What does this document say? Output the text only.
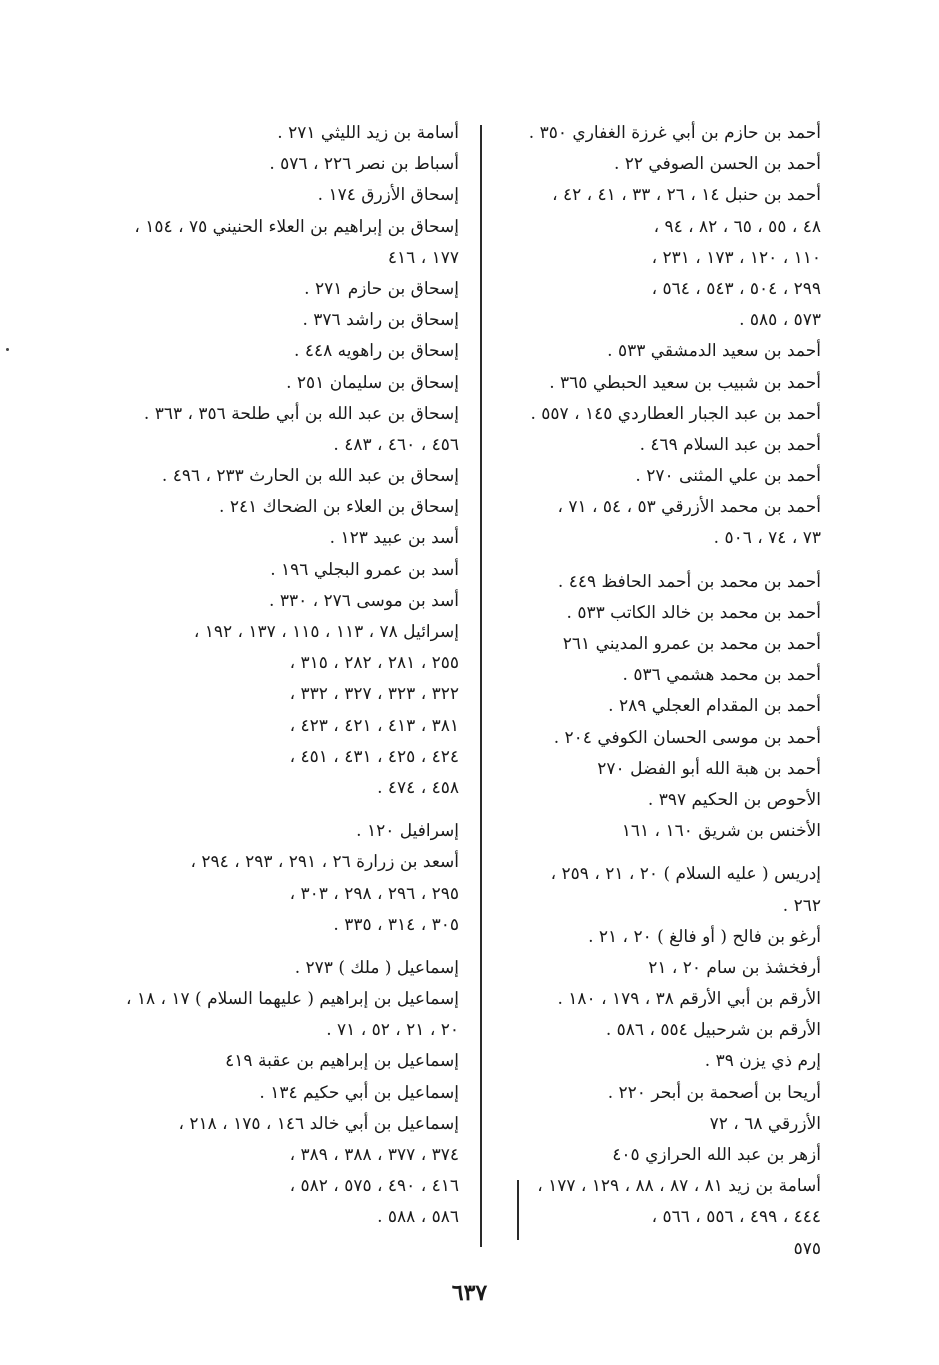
أحمد بن حازم بن أبي غرزة الغفاري ٣٥٠ .
أحمد بن الحسن الصوفي ٢٢ .
أحمد بن حنبل ١٤ ، ٢٦ ، ٣٣ ، ٤١ ، ٤٢ ،
٤٨ ، ٥٥ ، ٦٥ ، ٨٢ ، ٩٤ ،
١١٠ ، ١٢٠ ، ١٧٣ ، ٢٣١ ،
٢٩٩ ، ٥٠٤ ، ٥٤٣ ، ٥٦٤ ،
٥٧٣ ، ٥٨٥ .
أحمد بن سعيد الدمشقي ٥٣٣ .
أحمد بن شبيب بن سعيد الحبطي ٣٦٥ .
أحمد بن عبد الجبار العطاردي ١٤٥ ، ٥٥٧ .
أحمد بن عبد السلام ٤٦٩ .
أحمد بن علي المثنى ٢٧٠ .
أحمد بن محمد الأزرقي ٥٣ ، ٥٤ ، ٧١ ،
٧٣ ، ٧٤ ، ٥٠٦ .
أحمد بن محمد بن أحمد الحافظ ٤٤٩ .
أحمد بن محمد بن خالد الكاتب ٥٣٣ .
أحمد بن محمد بن عمرو المديني ٢٦١
أحمد بن محمد هشمي ٥٣٦ .
أحمد بن المقدام العجلي ٢٨٩ .
أحمد بن موسى الحسان الكوفي ٢٠٤ .
أحمد بن هبة الله أبو الفضل ٢٧٠
الأحوص بن الحكيم ٣٩٧ .
الأخنس بن شريق ١٦٠ ، ١٦١
إدريس ( عليه السلام ) ٢٠ ، ٢١ ، ٢٥٩ ،
٢٦٢ .
أرغو بن فالح ( أو فالغ ) ٢٠ ، ٢١ .
أرفخشذ بن سام ٢٠ ، ٢١
الأرقم بن أبي الأرقم ٣٨ ، ١٧٩ ، ١٨٠ .
الأرقم بن شرحبيل ٥٥٤ ، ٥٨٦ .
إرم ذي يزن ٣٩ .
أريحا بن أصحمة بن أبحر ٢٢٠ .
الأزرقي ٦٨ ، ٧٢
أزهر بن عبد الله الحرازي ٤٠٥
أسامة بن زيد ٨١ ، ٨٧ ، ٨٨ ، ١٢٩ ، ١٧٧ ،
٤٤٤ ، ٤٩٩ ، ٥٥٦ ، ٥٦٦ ،
٥٧٥
أسامة بن زيد الليثي ٢٧١ .
أسباط بن نصر ٢٢٦ ، ٥٧٦ .
إسحاق الأزرق ١٧٤ .
إسحاق بن إبراهيم بن العلاء الحنيني ٧٥ ، ١٥٤ ،
١٧٧ ، ٤١٦
إسحاق بن حازم ٢٧١ .
إسحاق بن راشد ٣٧٦ .
إسحاق بن راهويه ٤٤٨ .
إسحاق بن سليمان ٢٥١ .
إسحاق بن عبد الله بن أبي طلحة ٣٥٦ ، ٣٦٣ .
٤٥٦ ، ٤٦٠ ، ٤٨٣ .
إسحاق بن عبد الله بن الحارث ٢٣٣ ، ٤٩٦ .
إسحاق بن العلاء بن الضحاك ٢٤١ .
أسد بن عبيد ١٢٣ .
أسد بن عمرو البجلي ١٩٦ .
أسد بن موسى ٢٧٦ ، ٣٣٠ .
إسرائيل ٧٨ ، ١١٣ ، ١١٥ ، ١٣٧ ، ١٩٢ ،
٢٥٥ ، ٢٨١ ، ٢٨٢ ، ٣١٥ ،
٣٢٢ ، ٣٢٣ ، ٣٢٧ ، ٣٣٢ ،
٣٨١ ، ٤١٣ ، ٤٢١ ، ٤٢٣ ،
٤٢٤ ، ٤٢٥ ، ٤٣١ ، ٤٥١ ،
٤٥٨ ، ٤٧٤ .
إسرافيل ١٢٠ .
أسعد بن زرارة ٢٦ ، ٢٩١ ، ٢٩٣ ، ٢٩٤ ،
٢٩٥ ، ٢٩٦ ، ٢٩٨ ، ٣٠٣ ،
٣٠٥ ، ٣١٤ ، ٣٣٥ .
إسماعيل ( ملك ) ٢٧٣ .
إسماعيل بن إبراهيم ( عليهما السلام ) ١٧ ، ١٨ ،
٢٠ ، ٢١ ، ٥٢ ، ٧١ .
إسماعيل بن إبراهيم بن عقبة ٤١٩
إسماعيل بن أبي حكيم ١٣٤ .
إسماعيل بن أبي خالد ١٤٦ ، ١٧٥ ، ٢١٨ ،
٣٧٤ ، ٣٧٧ ، ٣٨٨ ، ٣٨٩ ،
٤١٦ ، ٤٩٠ ، ٥٧٥ ، ٥٨٢ ،
٥٨٦ ، ٥٨٨ .
٦٣٧
